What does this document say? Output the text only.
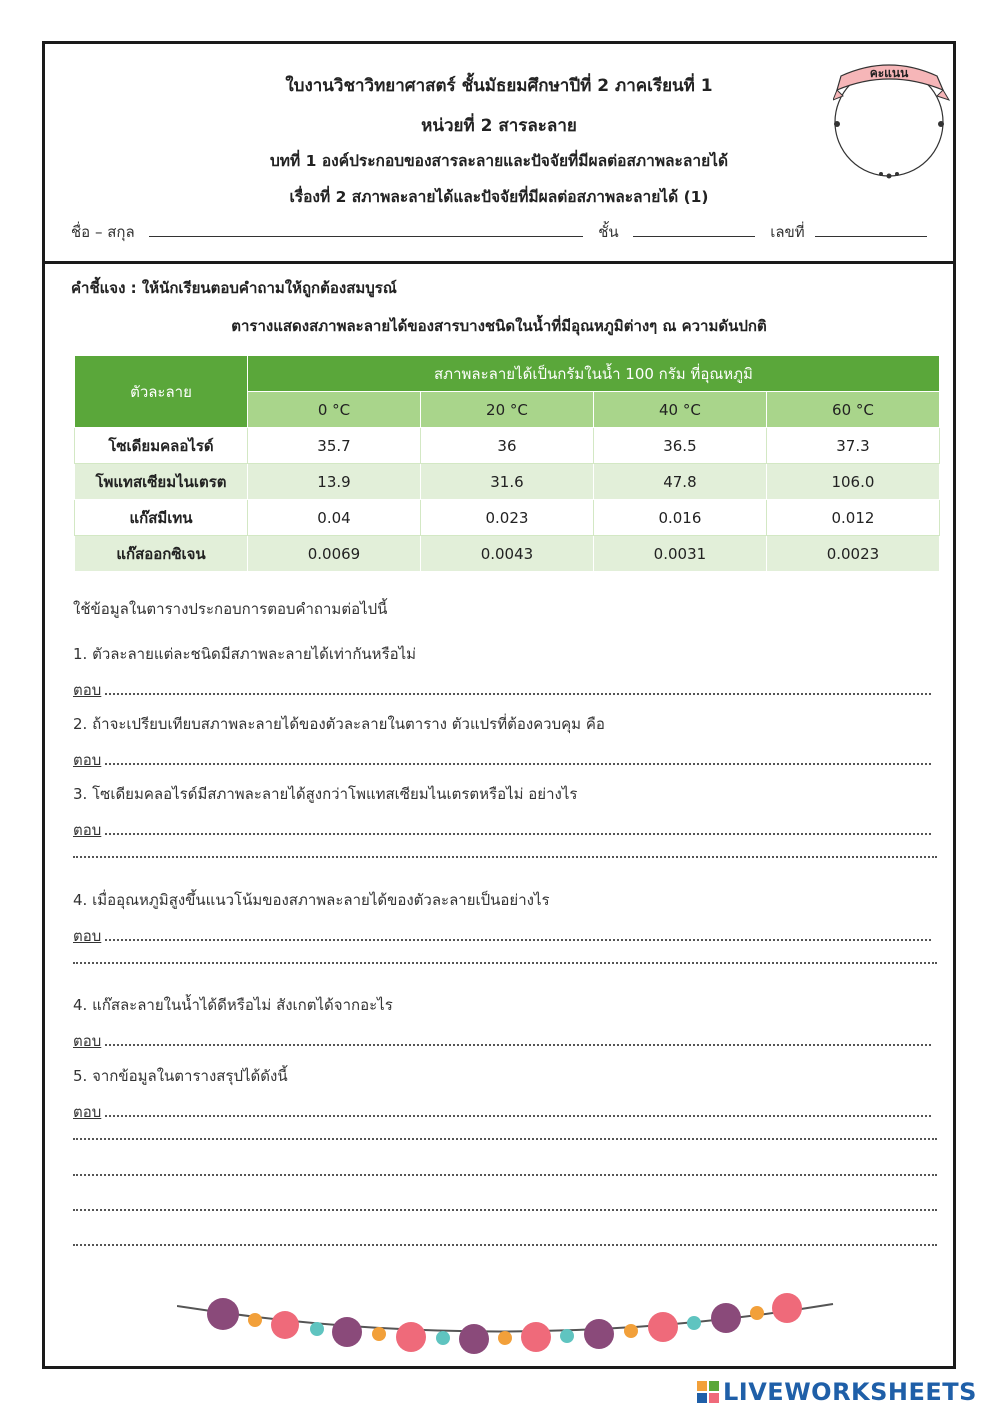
ใบงานวิชาวิทยาศาสตร์ ชั้นมัธยมศึกษาปีที่ 2 ภาคเรียนที่ 1
หน่วยที่ 2 สารละลาย
บทที่ 1 องค์ประกอบของสารละลายและปัจจัยที่มีผลต่อสภาพละลายได้
เรื่องที่ 2 สภาพละลายได้และปัจจัยที่มีผลต่อสภาพละลายได้ (1)
ชื่อ – สกุล	ชั้น	เลขที่
คะแนน
คำชี้แจง : ให้นักเรียนตอบคำถามให้ถูกต้องสมบูรณ์
ตารางแสดงสภาพละลายได้ของสารบางชนิดในน้ำที่มีอุณหภูมิต่างๆ ณ ความดันปกติ
ตัวละลาย	สภาพละลายได้เป็นกรัมในน้ำ 100 กรัม ที่อุณหภูมิ			
	0 °C	20 °C	40 °C	60 °C
โซเดียมคลอไรด์	35.7	36	36.5	37.3
โพแทสเซียมไนเตรต	13.9	31.6	47.8	106.0
แก๊สมีเทน	0.04	0.023	0.016	0.012
แก๊สออกซิเจน	0.0069	0.0043	0.0031	0.0023
ใช้ข้อมูลในตารางประกอบการตอบคำถามต่อไปนี้
1. ตัวละลายแต่ละชนิดมีสภาพละลายได้เท่ากันหรือไม่
ตอบ
2. ถ้าจะเปรียบเทียบสภาพละลายได้ของตัวละลายในตาราง ตัวแปรที่ต้องควบคุม คือ
ตอบ
3. โซเดียมคลอไรด์มีสภาพละลายได้สูงกว่าโพแทสเซียมไนเตรตหรือไม่ อย่างไร
ตอบ
4. เมื่ออุณหภูมิสูงขึ้นแนวโน้มของสภาพละลายได้ของตัวละลายเป็นอย่างไร
ตอบ
4. แก๊สละลายในน้ำได้ดีหรือไม่ สังเกตได้จากอะไร
ตอบ
5. จากข้อมูลในตารางสรุปได้ดังนี้
ตอบ
LIVEWORKSHEETS
